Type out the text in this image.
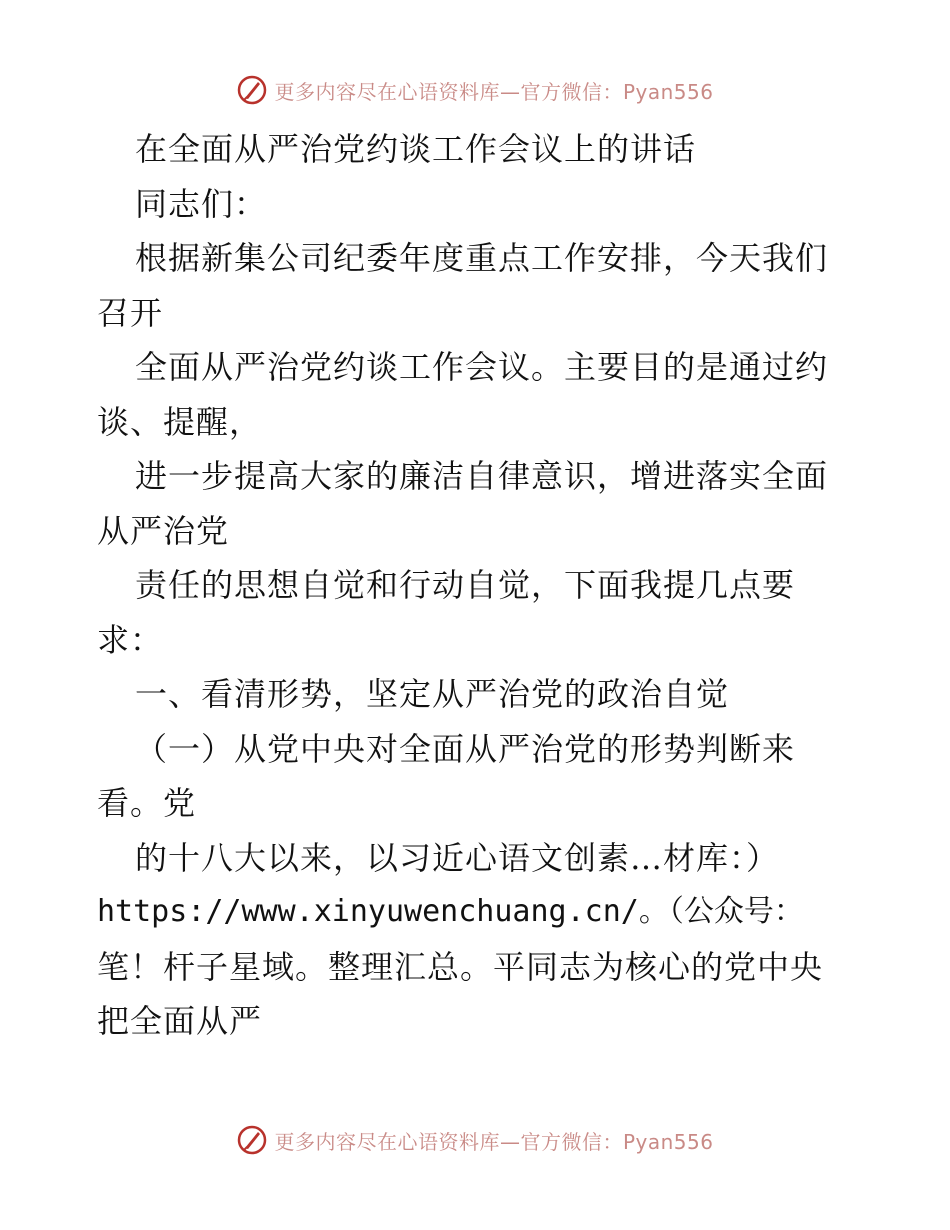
更多内容尽在心语资料库—官方微信：Pyan556
在全面从严治党约谈工作会议上的讲话
同志们：
根据新集公司纪委年度重点工作安排，今天我们
召开
全面从严治党约谈工作会议。主要目的是通过约
谈、提醒，
进一步提高大家的廉洁自律意识，增进落实全面
从严治党
责任的思想自觉和行动自觉，下面我提几点要
求：
一、看清形势，坚定从严治党的政治自觉
（一）从党中央对全面从严治党的形势判断来
看。党
的十八大以来，以习近心语文创素…材库：）
https://www.xinyuwenchuang.cn/。（公众号：
笔！杆子星域。整理汇总。平同志为核心的党中央
把全面从严
更多内容尽在心语资料库—官方微信：Pyan556
